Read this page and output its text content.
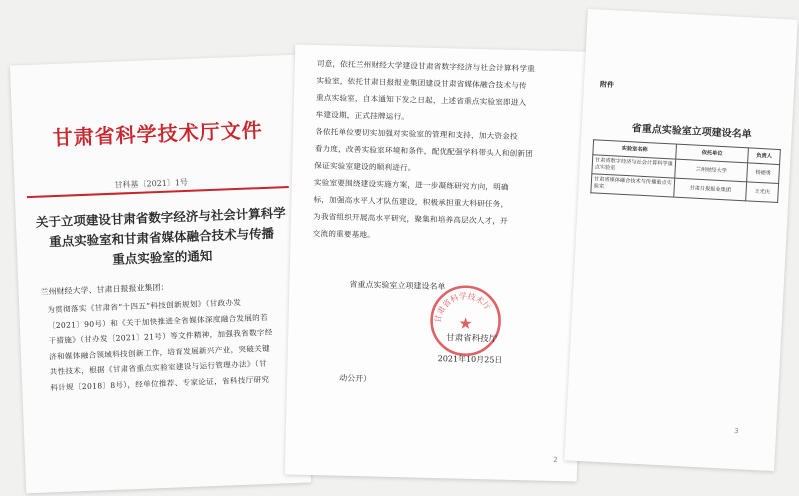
甘肃省科学技术厅文件
甘科基〔2021〕1号
关于立项建设甘肃省数字经济与社会计算科学
重点实验室和甘肃省媒体融合技术与传播
重点实验室的通知
兰州财经大学、甘肃日报报业集团：
为贯彻落实《甘肃省“十四五”科技创新规划》（甘政办发
〔2021〕90号）和《关于加快推进全省媒体深度融合发展的若
干措施》（甘办发〔2021〕21号）等文件精神，加强我省数字经
济和媒体融合领域科技创新工作，培育发展新兴产业，突破关键
共性技术，根据《甘肃省重点实验室建设与运行管理办法》（甘
科计规〔2018〕8号），经单位推荐、专家论证，省科技厅研究
司意，依托兰州财经大学建设甘肃省数字经济与社会计算科学重
实验室，依托甘肃日报报业集团建设甘肃省媒体融合技术与传
重点实验室，自本通知下发之日起，上述省重点实验室即进入
牟建设期，正式挂牌运行。
各依托单位要切实加强对实验室的管理和支持，加大资金投
看力度，改善实验室环境和条件，配优配强学科带头人和创新团
保证实验室建设的顺利进行。
实验室要围绕建设实施方案，进一步凝练研究方向，明确
标，加强高水平人才队伍建设，积极承担重大科研任务，
为我省组织开展高水平研究，聚集和培养高层次人才，开
交流的重要基地。
省重点实验室立项建设名单
甘肃省科学技术厅
★
甘肃省科技厅
2021年10月25日
动公开）
2
附件
省重点实验室立项建设名单
实验室名称	依托单位	负责人
甘肃省数字经济与社会计算科学重点实验室	兰州财经大学	杨德勇
甘肃省媒体融合技术与传播重点实验室	甘肃日报报业集团	王光庆
3
